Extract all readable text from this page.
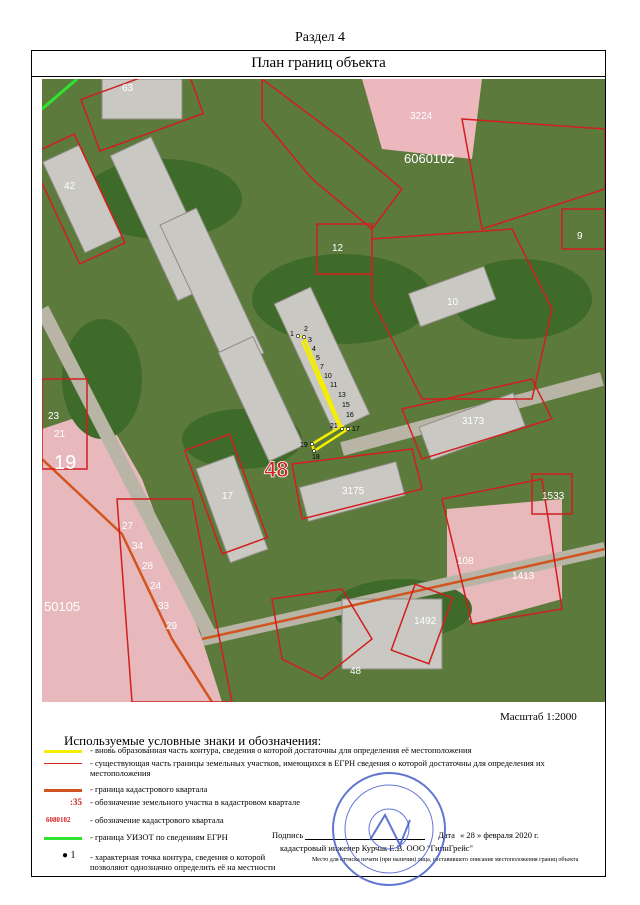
Раздел 4
План границ объекта
1
2
3
4
5
7
10
11
13
15
16
17
21
19
18
6060102
50105
48
63
3224
42
12
9
10
3173
3175	1533
1413
108
1492
48
17
19
27
23
21
34
28
24
33
29
Масштаб 1:2000
Используемые условные знаки и обозначения:
- вновь образованная часть контура, сведения о которой достаточны для определения её местоположения
- существующая часть границы земельных участков, имеющихся в ЕГРН сведения о которой достаточны для определения их местоположения
- граница кадастрового квартала
:35 - обозначение земельного участка в кадастровом квартале
6080102 - обозначение кадастрового квартала
- граница УИЗОТ по сведениям ЕГРН
● 1 - характерная точка контура, сведения о которой позволяют однозначно определить её на местности
Подпись	Дата « 28 » февраля 2020 г.
кадастровый инженер Курчак Е.В. ООО "ГипнГрейс"
Место для оттиска печати (при наличии) лица, составившего описание местоположения границ объекта
